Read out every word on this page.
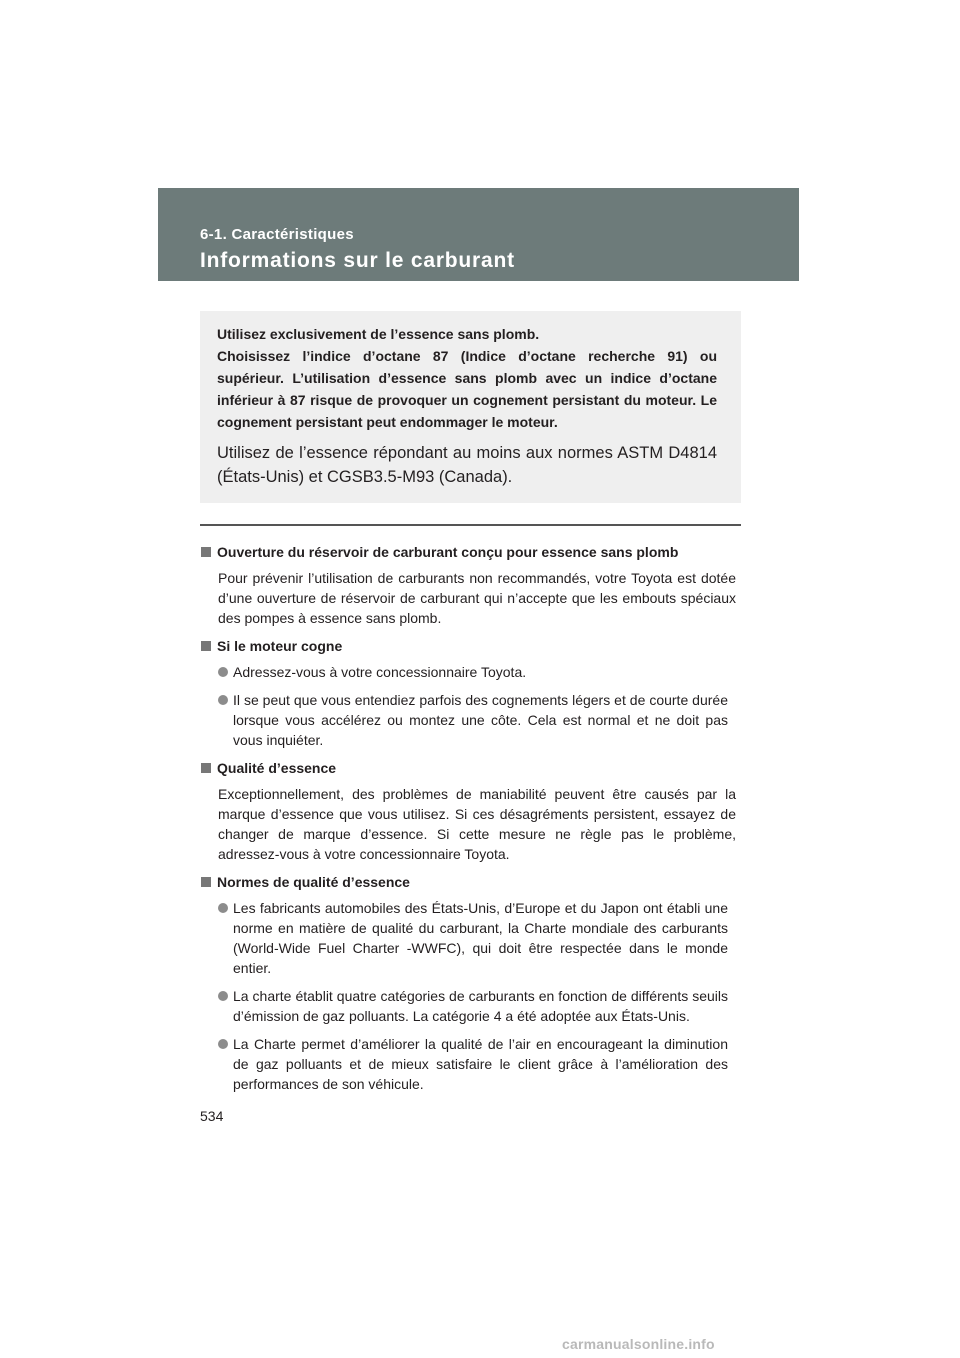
6-1. Caractéristiques
Informations sur le carburant

Utilisez exclusivement de l’essence sans plomb.
Choisissez l’indice d’octane 87 (Indice d’octane recherche 91) ou supérieur. L’utilisation d’essence sans plomb avec un indice d’octane inférieur à 87 risque de provoquer un cognement persistant du moteur. Le cognement persistant peut endommager le moteur.

Utilisez de l’essence répondant au moins aux normes ASTM D4814 (États-Unis) et CGSB3.5-M93 (Canada).

Ouverture du réservoir de carburant conçu pour essence sans plomb
Pour prévenir l’utilisation de carburants non recommandés, votre Toyota est dotée d’une ouverture de réservoir de carburant qui n’accepte que les embouts spéciaux des pompes à essence sans plomb.
Si le moteur cogne
Adressez-vous à votre concessionnaire Toyota.
Il se peut que vous entendiez parfois des cognements légers et de courte durée lorsque vous accélérez ou montez une côte. Cela est normal et ne doit pas vous inquiéter.
Qualité d’essence
Exceptionnellement, des problèmes de maniabilité peuvent être causés par la marque d’essence que vous utilisez. Si ces désagréments persistent, essayez de changer de marque d’essence. Si cette mesure ne règle pas le problème, adressez-vous à votre concessionnaire Toyota.
Normes de qualité d’essence
Les fabricants automobiles des États-Unis, d’Europe et du Japon ont établi une norme en matière de qualité du carburant, la Charte mondiale des carburants (World-Wide Fuel Charter -WWFC), qui doit être respectée dans le monde entier.
La charte établit quatre catégories de carburants en fonction de différents seuils d’émission de gaz polluants. La catégorie 4 a été adoptée aux États-Unis.
La Charte permet d’améliorer la qualité de l’air en encourageant la diminution de gaz polluants et de mieux satisfaire le client grâce à l’amélioration des performances de son véhicule.
534
carmanualsonline.info
